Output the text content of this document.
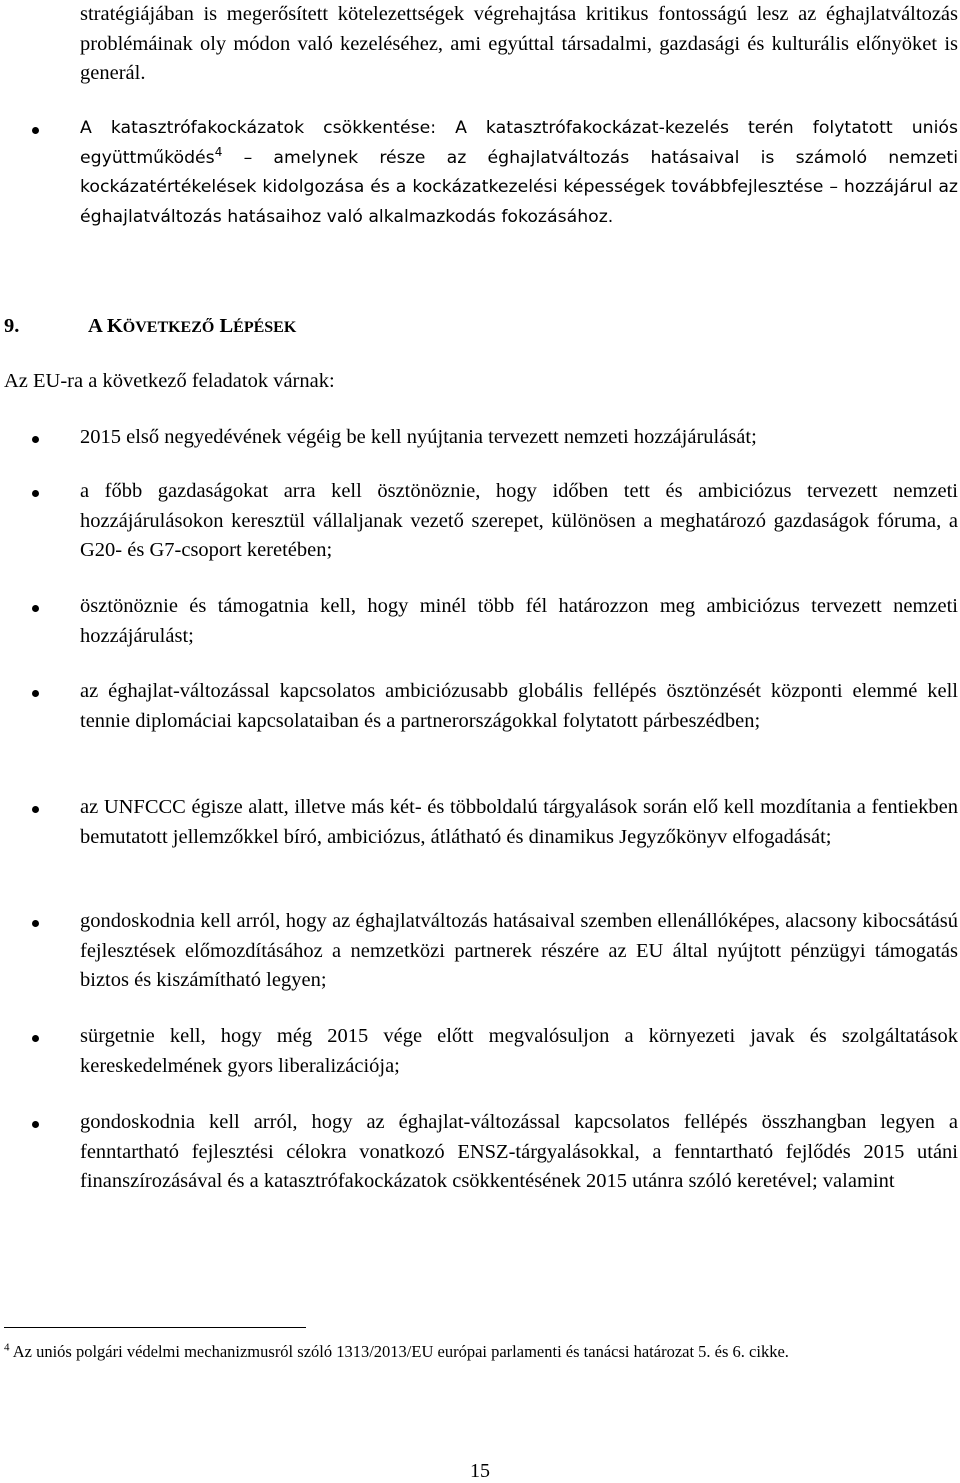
stratégiájában is megerősített kötelezettségek végrehajtása kritikus fontosságú lesz az éghajlatváltozás problémáinak oly módon való kezeléséhez, ami egyúttal társadalmi, gazdasági és kulturális előnyöket is generál.
A katasztrófakockázatok csökkentése: A katasztrófakockázat-kezelés terén folytatott uniós együttműködés$^4$ – amelynek része az éghajlatváltozás hatásaival is számoló nemzeti kockázatértékelések kidolgozása és a kockázatkezelési képességek továbbfejlesztése – hozzájárul az éghajlatváltozás hatásaihoz való alkalmazkodás fokozásához.
9.	A KÖVETKEZŐ LÉPÉSEK
Az EU-ra a következő feladatok várnak:
2015 első negyedévének végéig be kell nyújtania tervezett nemzeti hozzájárulását;
a főbb gazdaságokat arra kell ösztönöznie, hogy időben tett és ambiciózus tervezett nemzeti hozzájárulásokon keresztül vállaljanak vezető szerepet, különösen a meghatározó gazdaságok fóruma, a G20- és G7-csoport keretében;
ösztönöznie és támogatnia kell, hogy minél több fél határozzon meg ambiciózus tervezett nemzeti hozzájárulást;
az éghajlat-változással kapcsolatos ambiciózusabb globális fellépés ösztönzését központi elemmé kell tennie diplomáciai kapcsolataiban és a partnerországokkal folytatott párbeszédben;
az UNFCCC égisze alatt, illetve más két- és többoldalú tárgyalások során elő kell mozdítania a fentiekben bemutatott jellemzőkkel bíró, ambiciózus, átlátható és dinamikus Jegyzőkönyv elfogadását;
gondoskodnia kell arról, hogy az éghajlatváltozás hatásaival szemben ellenállóképes, alacsony kibocsátású fejlesztések előmozdításához a nemzetközi partnerek részére az EU által nyújtott pénzügyi támogatás biztos és kiszámítható legyen;
sürgetnie kell, hogy még 2015 vége előtt megvalósuljon a környezeti javak és szolgáltatások kereskedelmének gyors liberalizációja;
gondoskodnia kell arról, hogy az éghajlat-változással kapcsolatos fellépés összhangban legyen a fenntartható fejlesztési célokra vonatkozó ENSZ-tárgyalásokkal, a fenntartható fejlődés 2015 utáni finanszírozásával és a katasztrófakockázatok csökkentésének 2015 utánra szóló keretével; valamint
$^4$ Az uniós polgári védelmi mechanizmusról szóló 1313/2013/EU európai parlamenti és tanácsi határozat 5. és 6. cikke.
15
